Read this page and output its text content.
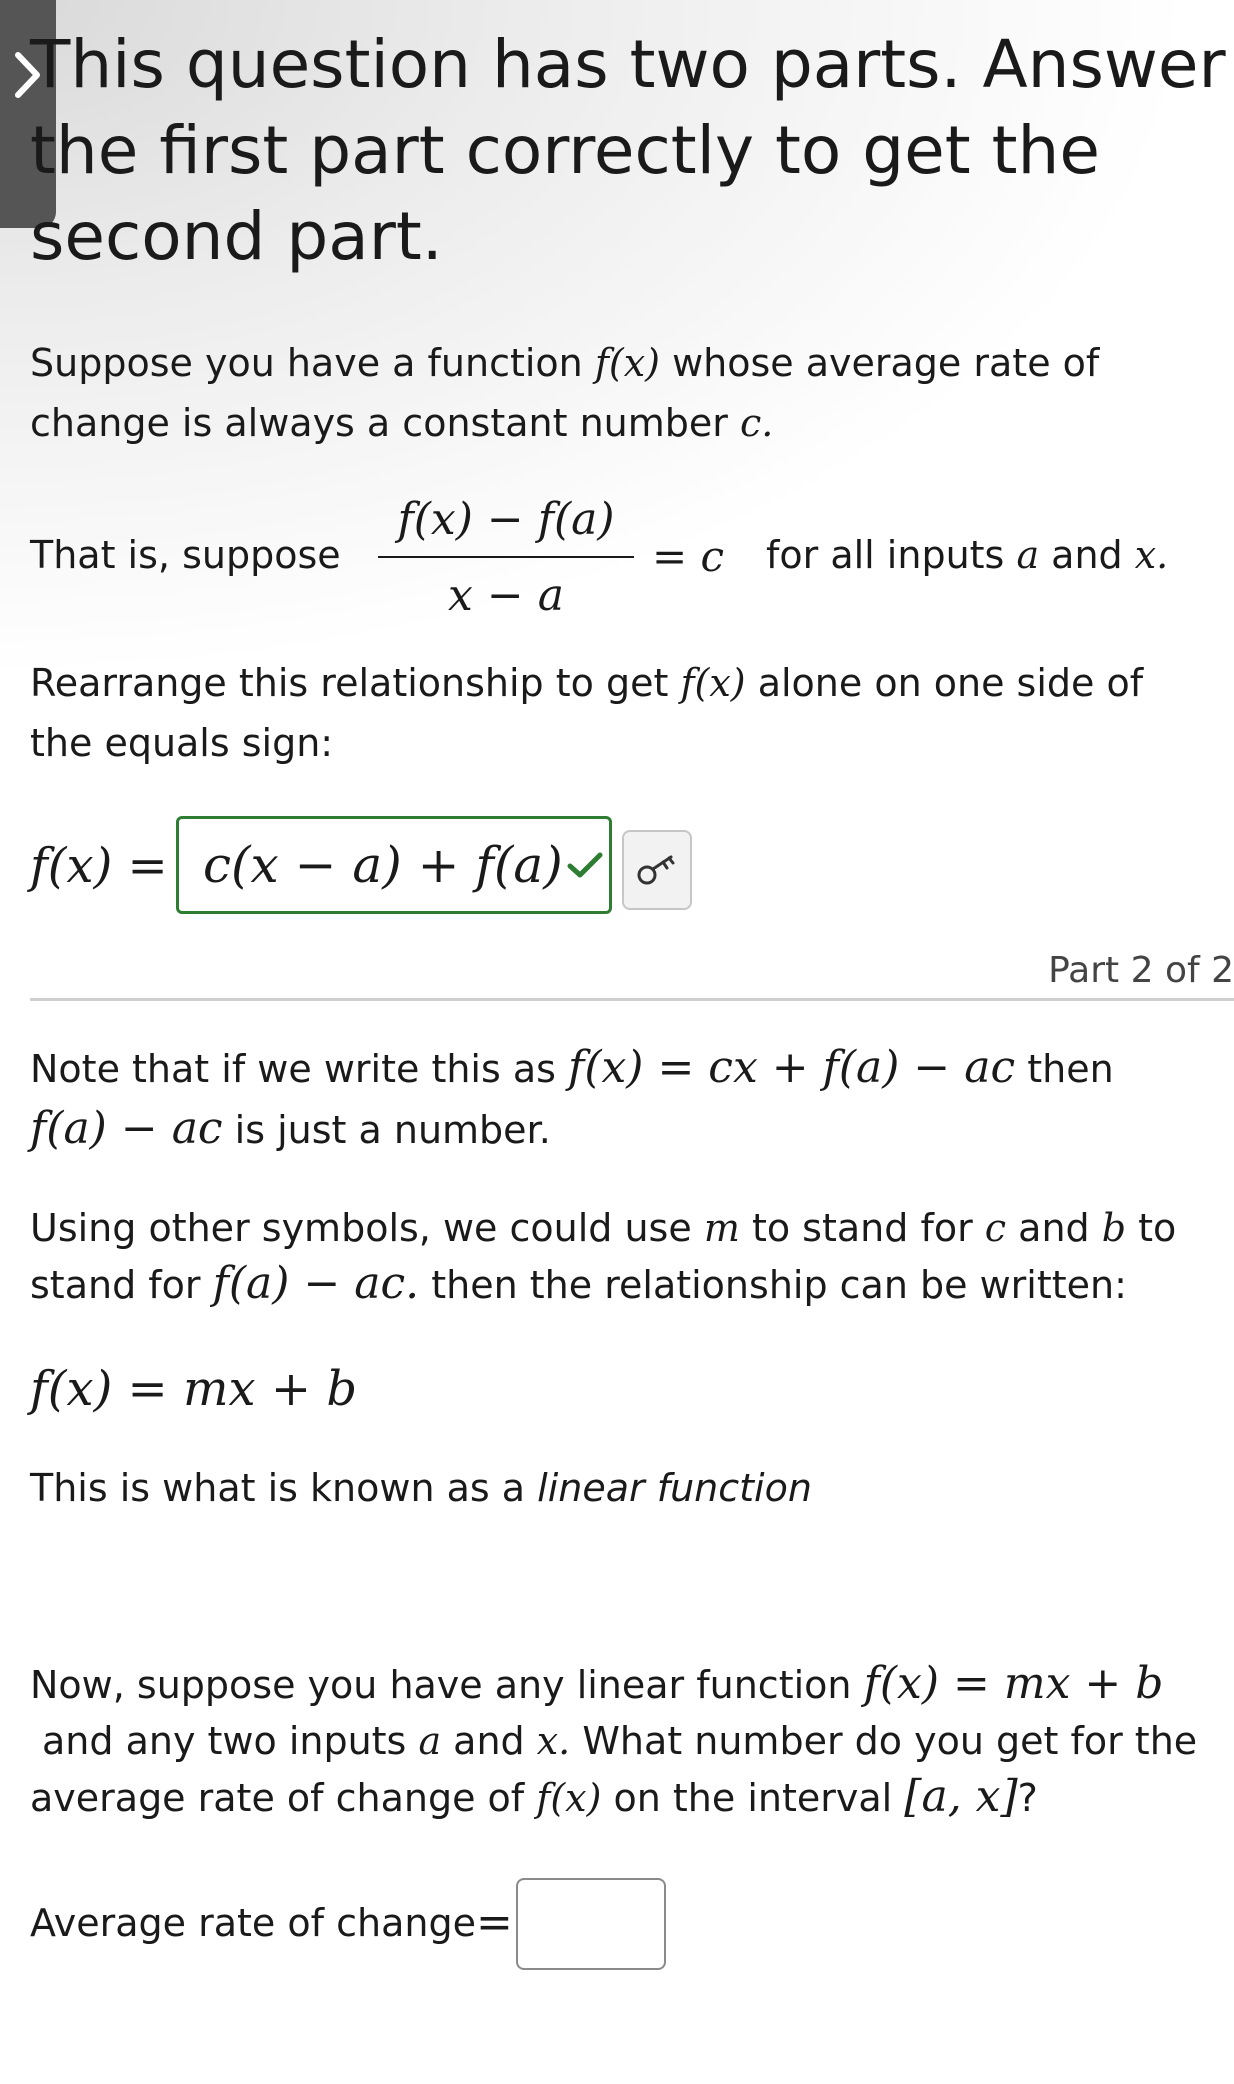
This question has two parts. Answer
the first part correctly to get the
second part.

Suppose you have a function f(x) whose average rate of
change is always a constant number c.

That is, suppose
f(x) − f(a)
x − a
= c for all inputs a and x.

Rearrange this relationship to get f(x) alone on one side of
the equals sign:

f(x) = c(x − a) + f(a)
Part 2 of 2

Note that if we write this as f(x) = cx + f(a) − ac then
f(a) − ac is just a number.

Using other symbols, we could use m to stand for c and b to
stand for f(a) − ac. then the relationship can be written:

f(x) = mx + b

This is what is known as a linear function

Now, suppose you have any linear function f(x) = mx + b
and any two inputs a and x. What number do you get for the
average rate of change of f(x) on the interval [a, x]?

Average rate of change =
